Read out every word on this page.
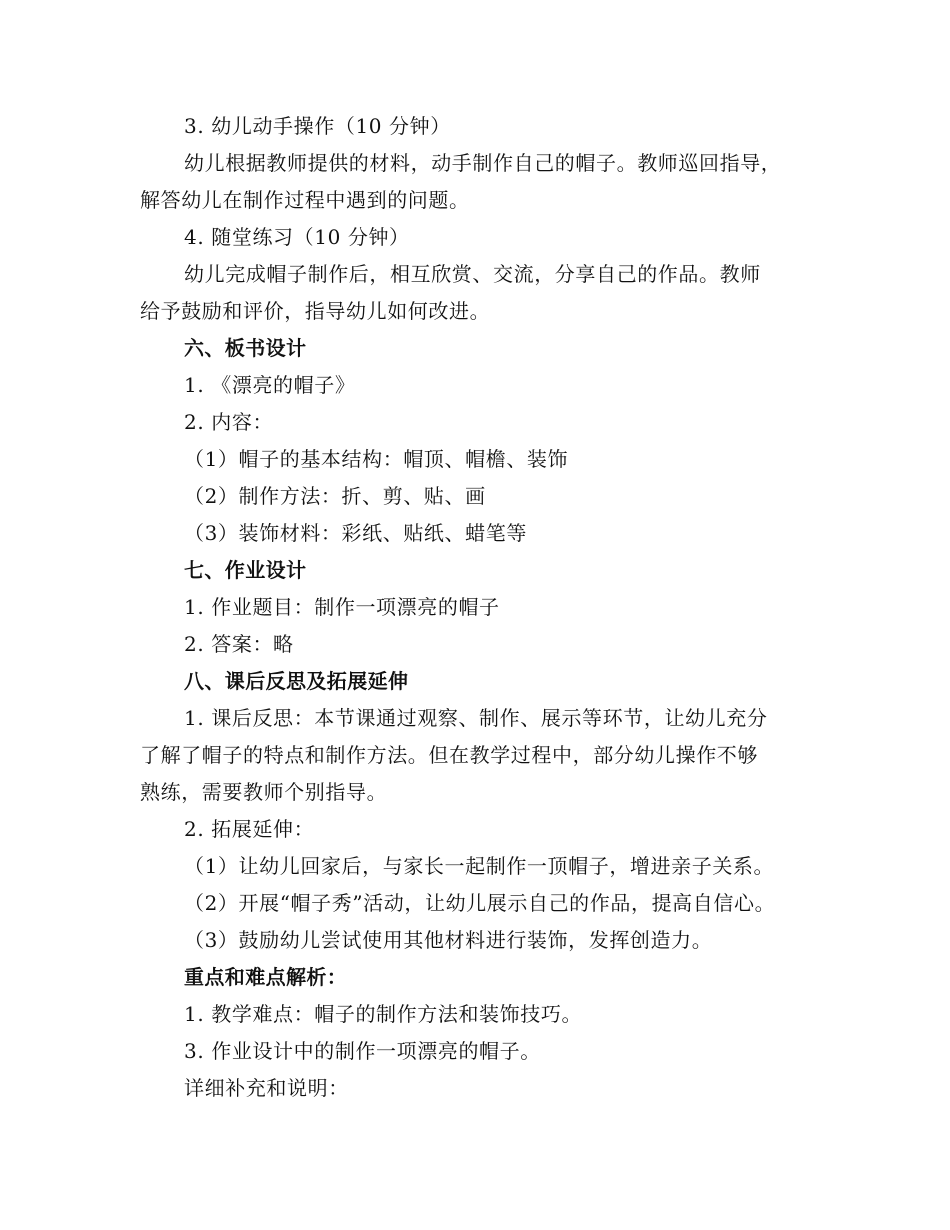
3. 幼儿动手操作（10 分钟）
幼儿根据教师提供的材料，动手制作自己的帽子。教师巡回指导，
解答幼儿在制作过程中遇到的问题。
4. 随堂练习（10 分钟）
幼儿完成帽子制作后，相互欣赏、交流，分享自己的作品。教师
给予鼓励和评价，指导幼儿如何改进。
六、板书设计
1. 《漂亮的帽子》
2. 内容：
（1）帽子的基本结构：帽顶、帽檐、装饰
（2）制作方法：折、剪、贴、画
（3）装饰材料：彩纸、贴纸、蜡笔等
七、作业设计
1. 作业题目：制作一项漂亮的帽子
2. 答案：略
八、课后反思及拓展延伸
1. 课后反思：本节课通过观察、制作、展示等环节，让幼儿充分
了解了帽子的特点和制作方法。但在教学过程中，部分幼儿操作不够
熟练，需要教师个别指导。
2. 拓展延伸：
（1）让幼儿回家后，与家长一起制作一顶帽子，增进亲子关系。
（2）开展“帽子秀”活动，让幼儿展示自己的作品，提高自信心。
（3）鼓励幼儿尝试使用其他材料进行装饰，发挥创造力。
重点和难点解析：
1. 教学难点：帽子的制作方法和装饰技巧。
3. 作业设计中的制作一项漂亮的帽子。
详细补充和说明：
